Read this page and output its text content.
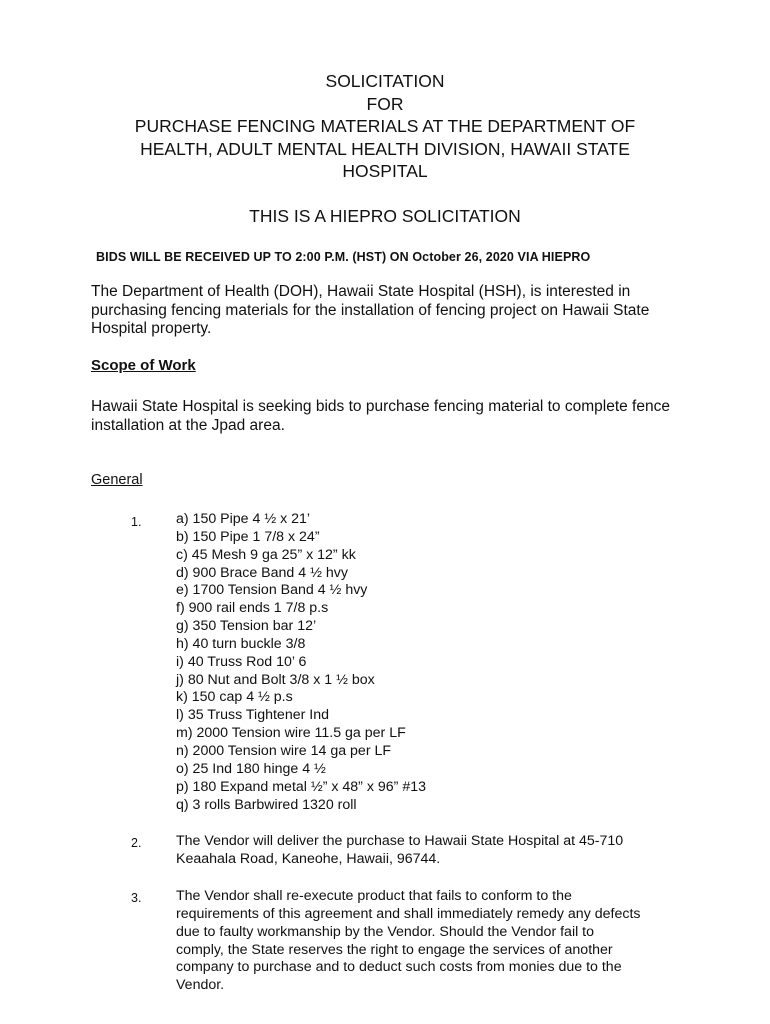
SOLICITATION
FOR
PURCHASE FENCING MATERIALS AT THE DEPARTMENT OF
HEALTH, ADULT MENTAL HEALTH DIVISION, HAWAII STATE
HOSPITAL
THIS IS A HIEPRO SOLICITATION
BIDS WILL BE RECEIVED UP TO 2:00 P.M. (HST) ON October 26, 2020 VIA HIEPRO
The Department of Health (DOH), Hawaii State Hospital (HSH), is interested in
purchasing fencing materials for the installation of fencing project on Hawaii State
Hospital property.
Scope of Work
Hawaii State Hospital is seeking bids to purchase fencing material to complete fence
installation at the Jpad area.
General
1. a) 150 Pipe 4 ½ x 21’
b) 150 Pipe 1 7/8 x 24”
c) 45 Mesh 9 ga 25” x 12” kk
d) 900 Brace Band 4 ½ hvy
e) 1700 Tension Band 4 ½ hvy
f) 900 rail ends 1 7/8 p.s
g) 350 Tension bar 12’
h) 40 turn buckle 3/8
i) 40 Truss Rod 10’ 6
j) 80 Nut and Bolt 3/8 x 1 ½ box
k) 150 cap 4 ½ p.s
l) 35 Truss Tightener Ind
m) 2000 Tension wire 11.5 ga per LF
n) 2000 Tension wire 14 ga per LF
o) 25 Ind 180 hinge 4 ½
p) 180 Expand metal ½” x 48” x 96” #13
q) 3 rolls Barbwired 1320 roll
2. The Vendor will deliver the purchase to Hawaii State Hospital at 45-710
Keaahala Road, Kaneohe, Hawaii, 96744.
3. The Vendor shall re-execute product that fails to conform to the
requirements of this agreement and shall immediately remedy any defects
due to faulty workmanship by the Vendor. Should the Vendor fail to
comply, the State reserves the right to engage the services of another
company to purchase and to deduct such costs from monies due to the
Vendor.
